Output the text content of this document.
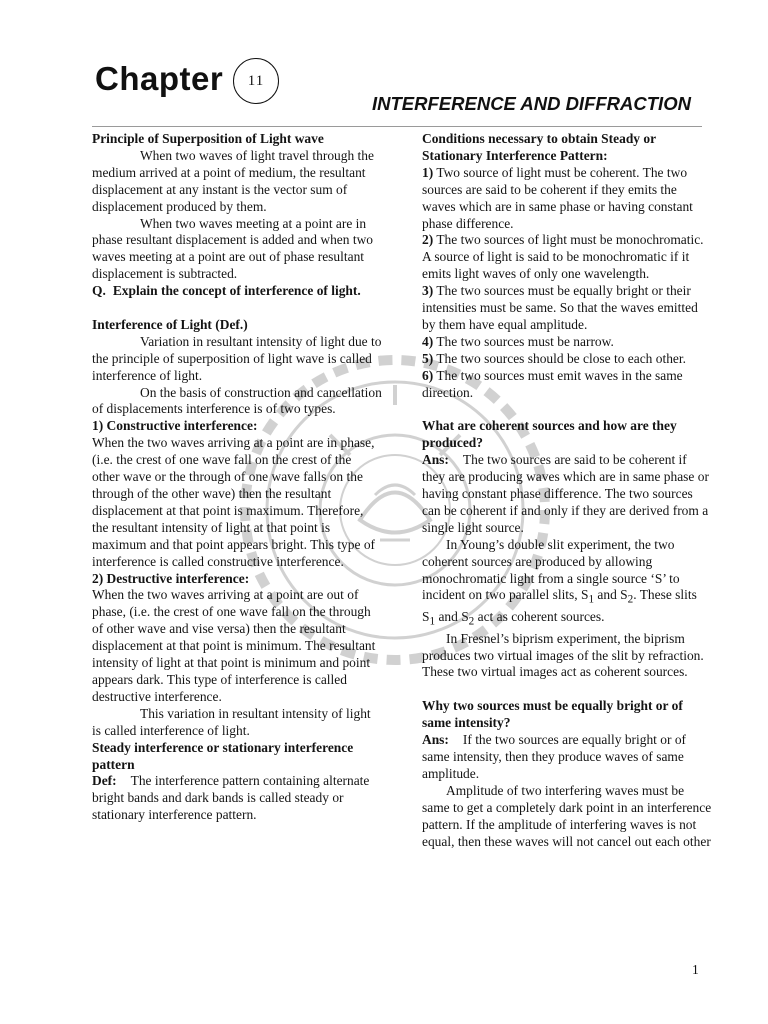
Chapter	11
INTERFERENCE AND DIFFRACTION

Principle of Superposition of Light wave

When two waves of light travel through the medium arrived at a point of medium, the resultant displacement at any instant is the vector sum of displacement produced by them.

When two waves meeting at a point are in phase resultant displacement is added and when two waves meeting at a point are out of phase resultant displacement is subtracted.

Q. Explain the concept of interference of light.

Interference of Light (Def.)

Variation in resultant intensity of light due to the principle of superposition of light wave is called interference of light.

On the basis of construction and cancellation of displacements interference is of two types.

1) Constructive interference:

When the two waves arriving at a point are in phase, (i.e. the crest of one wave fall on the crest of the other wave or the through of one wave falls on the through of the other wave) then the resultant displacement at that point is maximum. Therefore, the resultant intensity of light at that point is maximum and that point appears bright. This type of interference is called constructive interference.

2) Destructive interference:

When the two waves arriving at a point are out of phase, (i.e. the crest of one wave fall on the through of other wave and vise versa) then the resultant displacement at that point is minimum. The resultant intensity of light at that point is minimum and point appears dark. This type of interference is called destructive interference.

This variation in resultant intensity of light is called interference of light.

Steady interference or stationary interference pattern

Def: The interference pattern containing alternate bright bands and dark bands is called steady or stationary interference pattern.

Conditions necessary to obtain Steady or Stationary Interference Pattern:

1) Two source of light must be coherent. The two sources are said to be coherent if they emits the waves which are in same phase or having constant phase difference.

2) The two sources of light must be monochromatic. A source of light is said to be monochromatic if it emits light waves of only one wavelength.

3) The two sources must be equally bright or their intensities must be same. So that the waves emitted by them have equal amplitude.

4) The two sources must be narrow.

5) The two sources should be close to each other.

6) The two sources must emit waves in the same direction.

What are coherent sources and how are they produced?

Ans: The two sources are said to be coherent if they are producing waves which are in same phase or having constant phase difference. The two sources can be coherent if and only if they are derived from a single light source.

In Young’s double slit experiment, the two coherent sources are produced by allowing monochromatic light from a single source ‘S’ to incident on two parallel slits, $S_1$ and $S_2$. These slits $S_1$ and $S_2$ act as coherent sources.

In Fresnel’s biprism experiment, the biprism produces two virtual images of the slit by refraction. These two virtual images act as coherent sources.

Why two sources must be equally bright or of same intensity?

Ans: If the two sources are equally bright or of same intensity, then they produce waves of same amplitude.

Amplitude of two interfering waves must be same to get a completely dark point in an interference pattern. If the amplitude of interfering waves is not equal, then these waves will not cancel out each other

1
